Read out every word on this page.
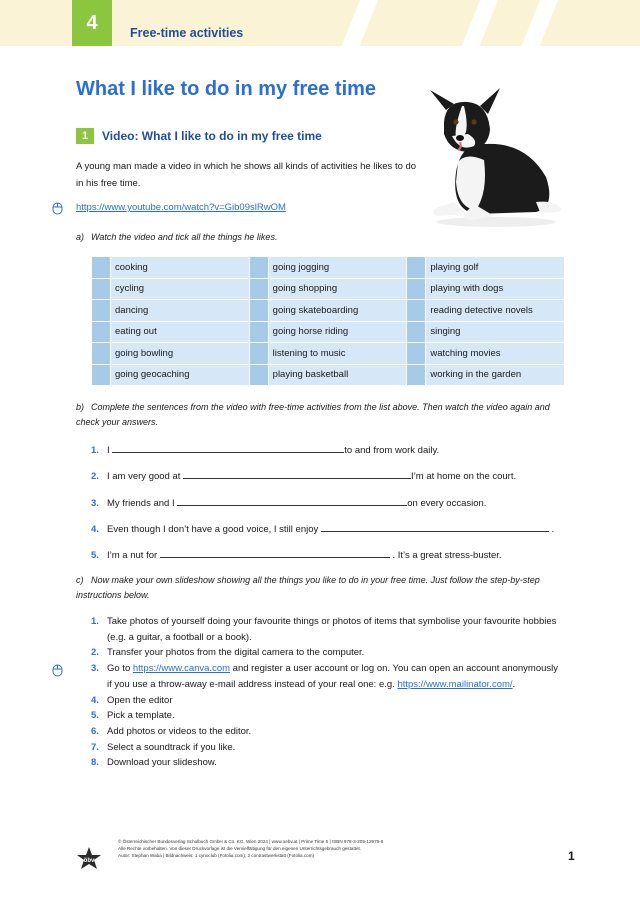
4	Free-time activities
What I like to do in my free time
1	Video: What I like to do in my free time
A young man made a video in which he shows all kinds of activities he likes to do in his free time.
https://www.youtube.com/watch?v=Gib09slRwOM
a) Watch the video and tick all the things he likes.
cooking	going jogging	playing golf
cycling	going shopping	playing with dogs
dancing	going skateboarding	reading detective novels
eating out	going horse riding	singing
going bowling	listening to music	watching movies
going geocaching	playing basketball	working in the garden
b) Complete the sentences from the video with free-time activities from the list above. Then watch the video again and check your answers.
1. I	to and from work daily.
2. I am very good at	I’m at home on the court.
3. My friends and I	on every occasion.
4. Even though I don’t have a good voice, I still enjoy	.
5. I’m a nut for	. It’s a great stress-buster.
c) Now make your own slideshow showing all the things you like to do in your free time. Just follow the step-by-step instructions below.
1. Take photos of yourself doing your favourite things or photos of items that symbolise your favourite hobbies (e.g. a guitar, a football or a book).
2. Transfer your photos from the digital camera to the computer.
3. Go to https://www.canva.com and register a user account or log on. You can open an account anonymously if you use a throw-away e-mail address instead of your real one: e.g. https://www.mailinator.com/.
4. Open the editor
5. Pick a template.
6. Add photos or videos to the editor.
7. Select a soundtrack if you like.
8. Download your slideshow.
öbv
© Österreichischer Bundesverlag Schulbuch GmbH & Co. KG, Wien 2024 | www.oebv.at | Prime Time 5 | ISBN 978-3-209-12979-6
Alle Rechte vorbehalten. Von dieser Druckvorlage ist die Vervielfältigung für den eigenen Unterrichtsgebrauch gestattet.
Autor: Stephan Waba | Bildnachweis: 1 cynoclub (Fotolia.com); 2 contrastwerkstatt (Fotolia.com)	1
